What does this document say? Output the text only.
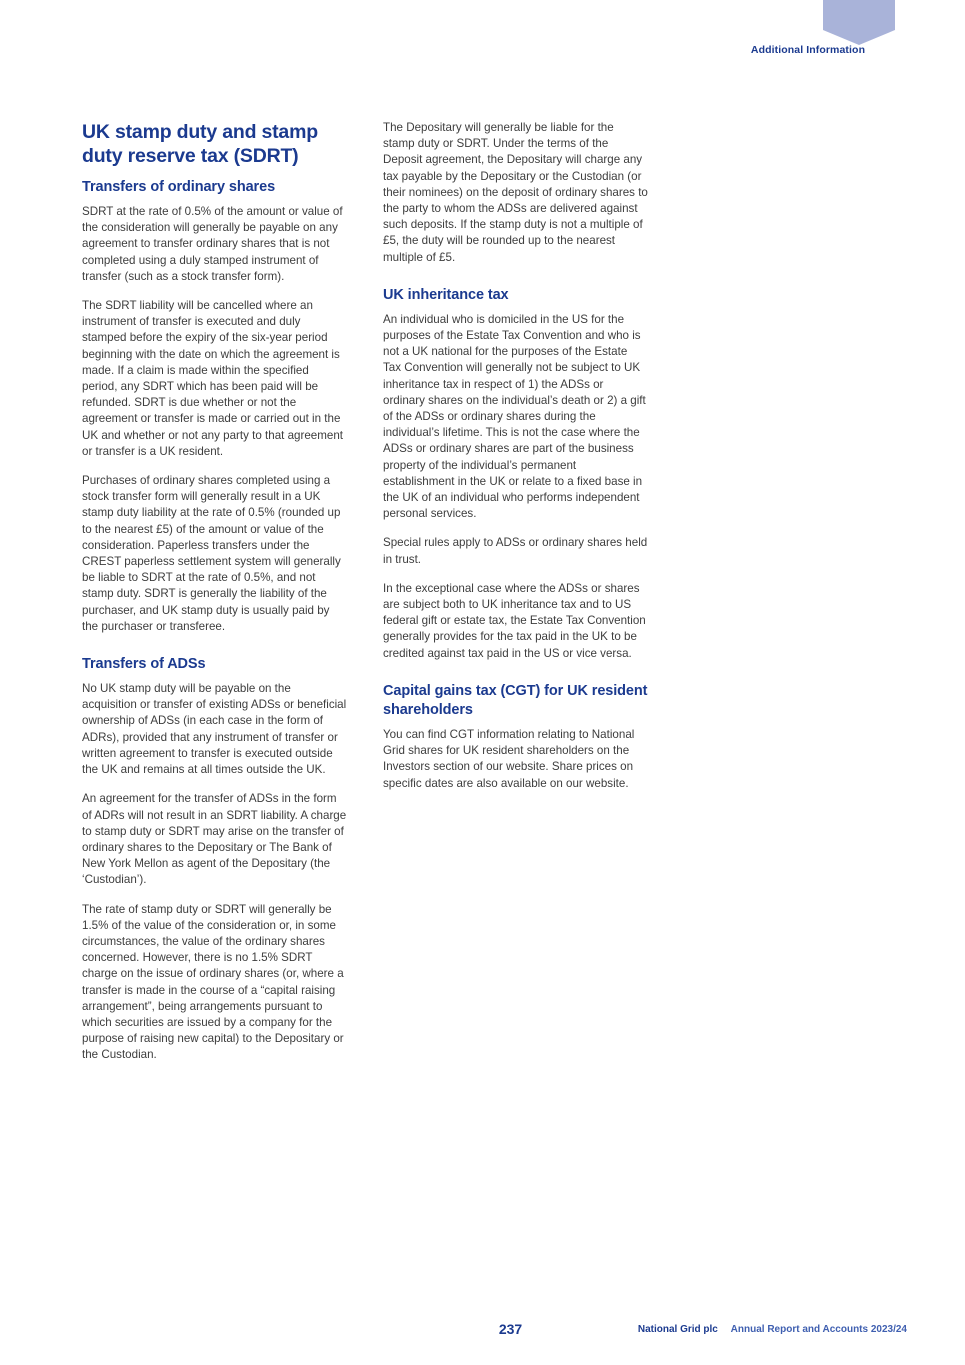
Additional Information
UK stamp duty and stamp duty reserve tax (SDRT)
Transfers of ordinary shares

SDRT at the rate of 0.5% of the amount or value of the consideration will generally be payable on any agreement to transfer ordinary shares that is not completed using a duly stamped instrument of transfer (such as a stock transfer form).

The SDRT liability will be cancelled where an instrument of transfer is executed and duly stamped before the expiry of the six-year period beginning with the date on which the agreement is made. If a claim is made within the specified period, any SDRT which has been paid will be refunded. SDRT is due whether or not the agreement or transfer is made or carried out in the UK and whether or not any party to that agreement or transfer is a UK resident.

Purchases of ordinary shares completed using a stock transfer form will generally result in a UK stamp duty liability at the rate of 0.5% (rounded up to the nearest £5) of the amount or value of the consideration. Paperless transfers under the CREST paperless settlement system will generally be liable to SDRT at the rate of 0.5%, and not stamp duty. SDRT is generally the liability of the purchaser, and UK stamp duty is usually paid by the purchaser or transferee.

Transfers of ADSs

No UK stamp duty will be payable on the acquisition or transfer of existing ADSs or beneficial ownership of ADSs (in each case in the form of ADRs), provided that any instrument of transfer or written agreement to transfer is executed outside the UK and remains at all times outside the UK.

An agreement for the transfer of ADSs in the form of ADRs will not result in an SDRT liability. A charge to stamp duty or SDRT may arise on the transfer of ordinary shares to the Depositary or The Bank of New York Mellon as agent of the Depositary (the ‘Custodian’).

The rate of stamp duty or SDRT will generally be 1.5% of the value of the consideration or, in some circumstances, the value of the ordinary shares concerned. However, there is no 1.5% SDRT charge on the issue of ordinary shares (or, where a transfer is made in the course of a “capital raising arrangement”, being arrangements pursuant to which securities are issued by a company for the purpose of raising new capital) to the Depositary or the Custodian.

The Depositary will generally be liable for the stamp duty or SDRT. Under the terms of the Deposit agreement, the Depositary will charge any tax payable by the Depositary or the Custodian (or their nominees) on the deposit of ordinary shares to the party to whom the ADSs are delivered against such deposits. If the stamp duty is not a multiple of £5, the duty will be rounded up to the nearest multiple of £5.

UK inheritance tax

An individual who is domiciled in the US for the purposes of the Estate Tax Convention and who is not a UK national for the purposes of the Estate Tax Convention will generally not be subject to UK inheritance tax in respect of 1) the ADSs or ordinary shares on the individual’s death or 2) a gift of the ADSs or ordinary shares during the individual’s lifetime. This is not the case where the ADSs or ordinary shares are part of the business property of the individual’s permanent establishment in the UK or relate to a fixed base in the UK of an individual who performs independent personal services.

Special rules apply to ADSs or ordinary shares held in trust.

In the exceptional case where the ADSs or shares are subject both to UK inheritance tax and to US federal gift or estate tax, the Estate Tax Convention generally provides for the tax paid in the UK to be credited against tax paid in the US or vice versa.

Capital gains tax (CGT) for UK resident shareholders

You can find CGT information relating to National Grid shares for UK resident shareholders on the Investors section of our website. Share prices on specific dates are also available on our website.

237	National Grid plc Annual Report and Accounts 2023/24
